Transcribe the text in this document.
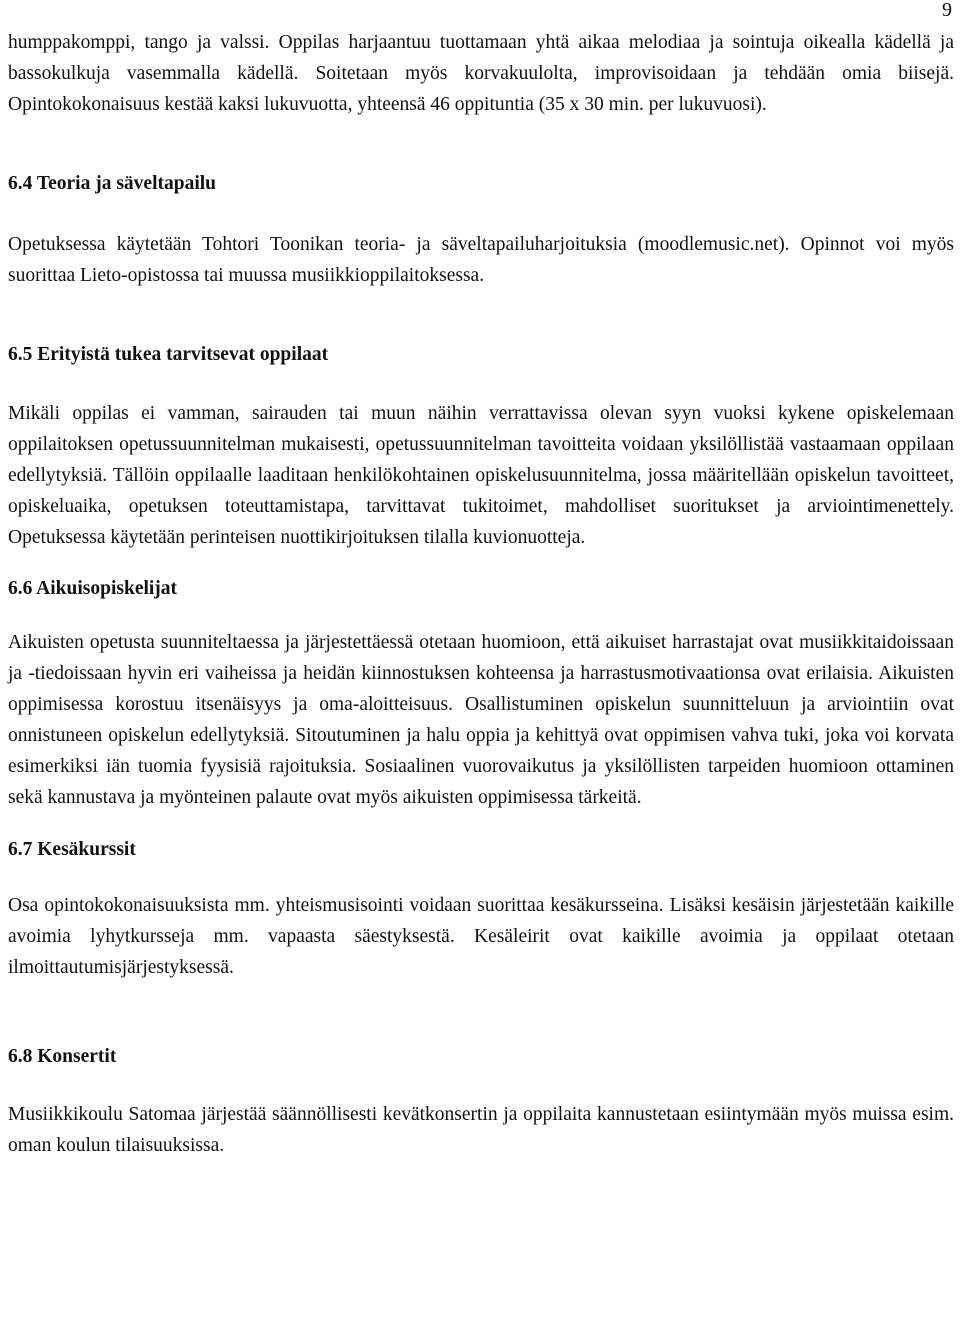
9

humppakomppi, tango ja valssi. Oppilas harjaantuu tuottamaan yhtä aikaa melodiaa ja sointuja oikealla kädellä ja bassokulkuja vasemmalla kädellä. Soitetaan myös korvakuulolta, improvisoidaan ja tehdään omia biisejä. Opintokokonaisuus kestää kaksi lukuvuotta, yhteensä 46 oppituntia (35 x 30 min. per lukuvuosi).

6.4 Teoria ja säveltapailu

Opetuksessa käytetään Tohtori Toonikan teoria- ja säveltapailuharjoituksia (moodlemusic.net). Opinnot voi myös suorittaa Lieto-opistossa tai muussa musiikkioppilaitoksessa.

6.5 Erityistä tukea tarvitsevat oppilaat

Mikäli oppilas ei vamman, sairauden tai muun näihin verrattavissa olevan syyn vuoksi kykene opiskelemaan oppilaitoksen opetussuunnitelman mukaisesti, opetussuunnitelman tavoitteita voidaan yksilöllistää vastaamaan oppilaan edellytyksiä. Tällöin oppilaalle laaditaan henkilökohtainen opiskelusuunnitelma, jossa määritellään opiskelun tavoitteet, opiskeluaika, opetuksen toteuttamistapa, tarvittavat tukitoimet, mahdolliset suoritukset ja arviointimenettely. Opetuksessa käytetään perinteisen nuottikirjoituksen tilalla kuvionuotteja.

6.6 Aikuisopiskelijat

Aikuisten opetusta suunniteltaessa ja järjestettäessä otetaan huomioon, että aikuiset harrastajat ovat musiikkitaidoissaan ja -tiedoissaan hyvin eri vaiheissa ja heidän kiinnostuksen kohteensa ja harrastusmotivaationsa ovat erilaisia. Aikuisten oppimisessa korostuu itsenäisyys ja oma-aloitteisuus. Osallistuminen opiskelun suunnitteluun ja arviointiin ovat onnistuneen opiskelun edellytyksiä. Sitoutuminen ja halu oppia ja kehittyä ovat oppimisen vahva tuki, joka voi korvata esimerkiksi iän tuomia fyysisiä rajoituksia. Sosiaalinen vuorovaikutus ja yksilöllisten tarpeiden huomioon ottaminen sekä kannustava ja myönteinen palaute ovat myös aikuisten oppimisessa tärkeitä.

6.7 Kesäkurssit

Osa opintokokonaisuuksista mm. yhteismusisointi voidaan suorittaa kesäkursseina. Lisäksi kesäisin järjestetään kaikille avoimia lyhytkursseja mm. vapaasta säestyksestä. Kesäleirit ovat kaikille avoimia ja oppilaat otetaan ilmoittautumisjärjestyksessä.

6.8 Konsertit

Musiikkikoulu Satomaa järjestää säännöllisesti kevätkonsertin ja oppilaita kannustetaan esiintymään myös muissa esim. oman koulun tilaisuuksissa.
